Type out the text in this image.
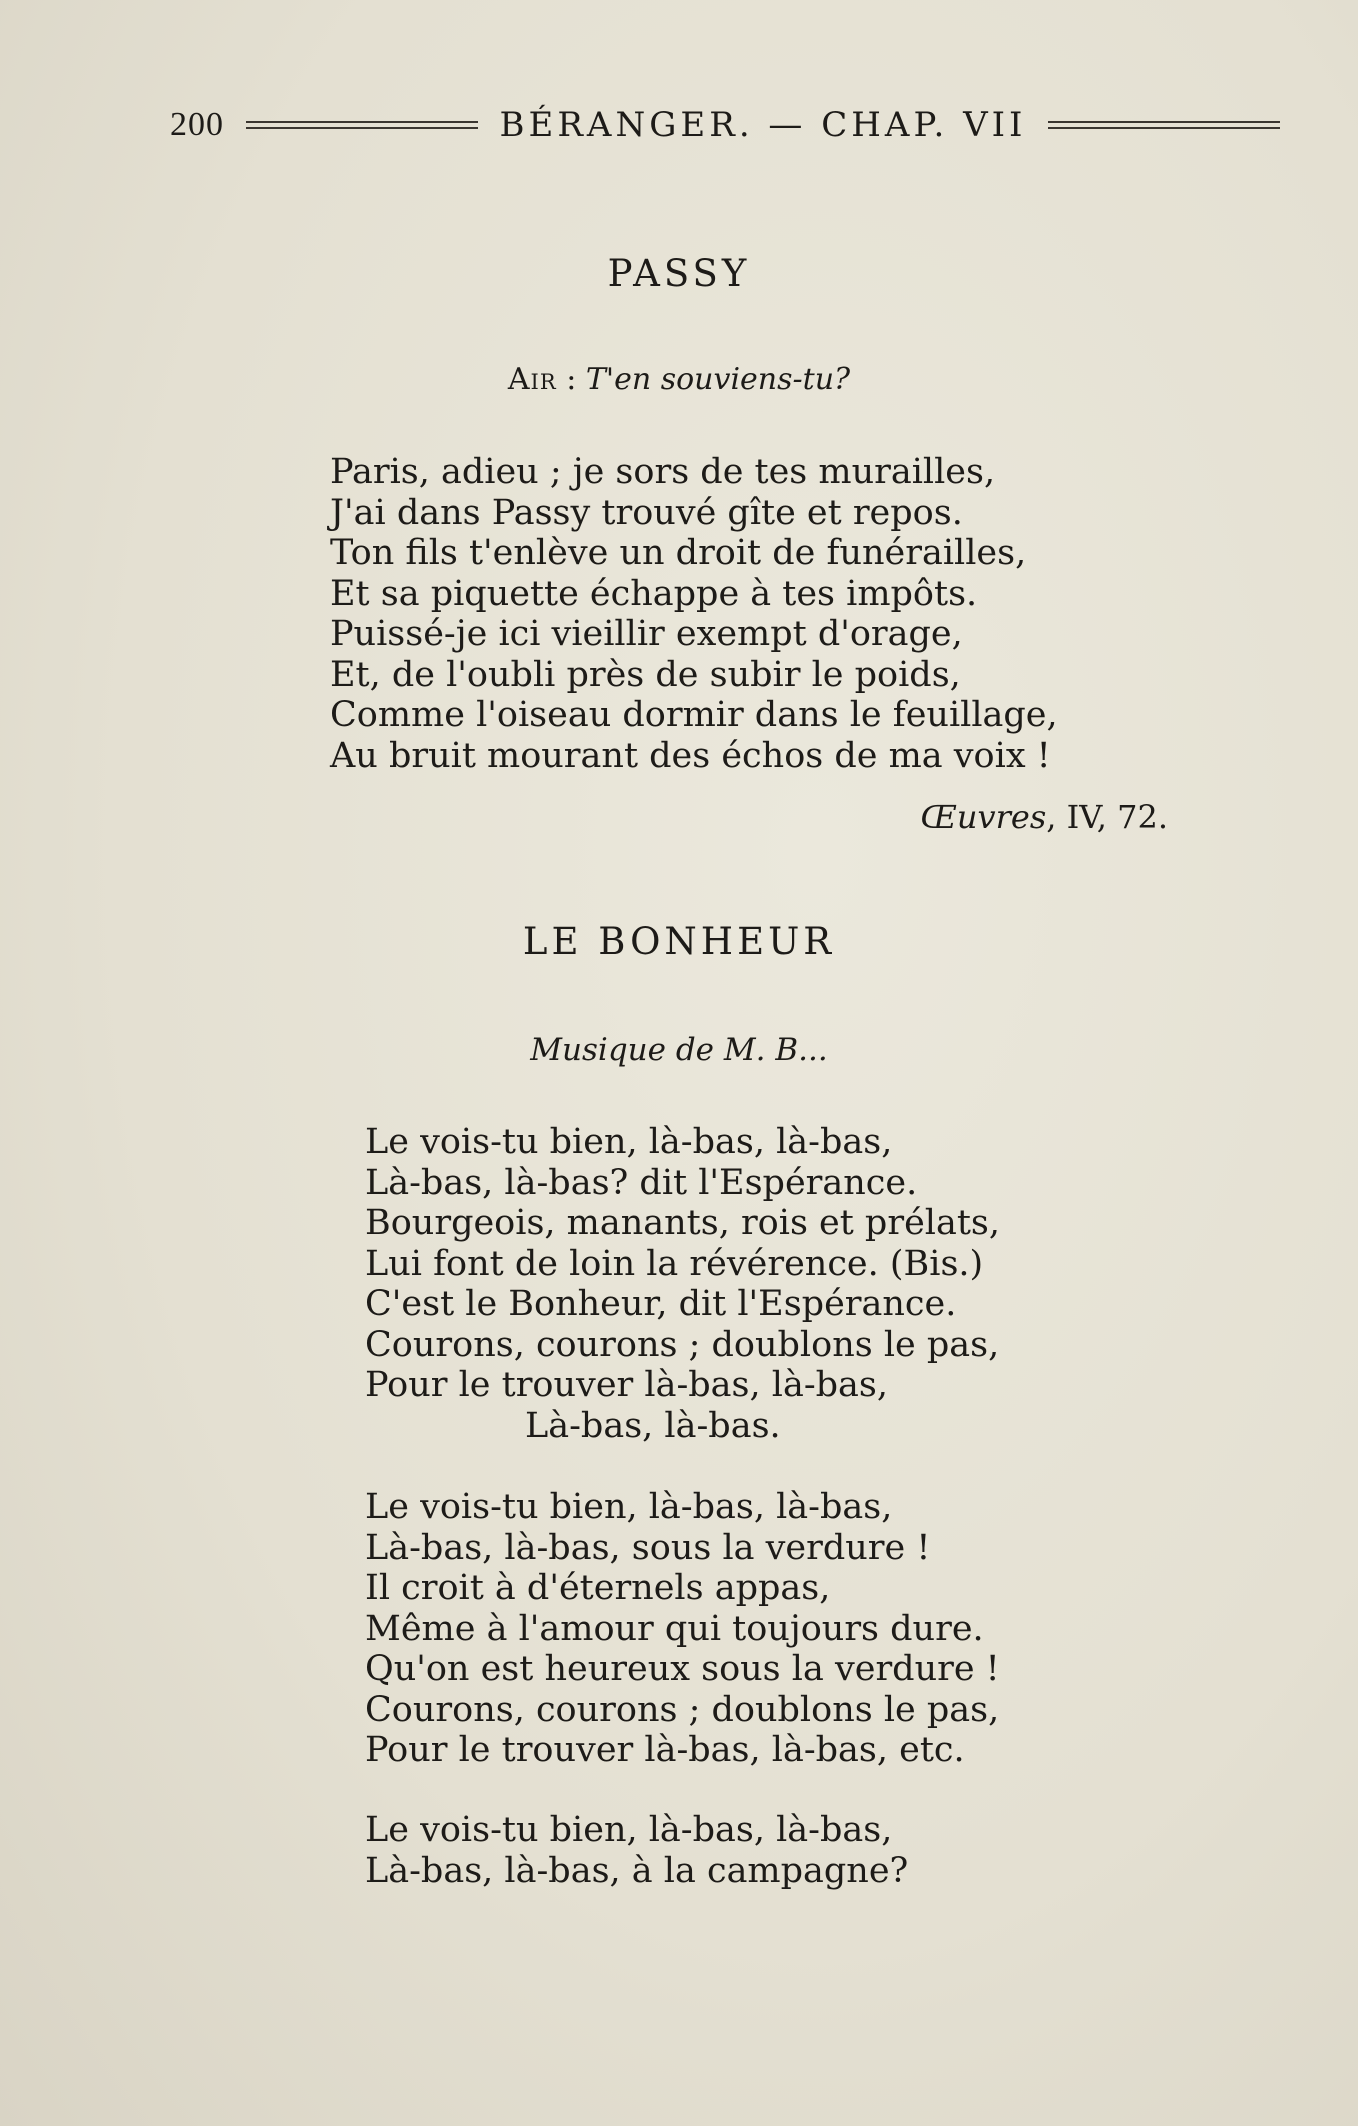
200	BÉRANGER. — CHAP. VII
PASSY
Air : T'en souviens-tu?
Paris, adieu ; je sors de tes murailles,
J'ai dans Passy trouvé gîte et repos.
Ton fils t'enlève un droit de funérailles,
Et sa piquette échappe à tes impôts.
Puissé-je ici vieillir exempt d'orage,
Et, de l'oubli près de subir le poids,
Comme l'oiseau dormir dans le feuillage,
Au bruit mourant des échos de ma voix !
Œuvres, IV, 72.
LE BONHEUR
Musique de M. B...
Le vois-tu bien, là-bas, là-bas,
Là-bas, là-bas? dit l'Espérance.
Bourgeois, manants, rois et prélats,
Lui font de loin la révérence. (Bis.)
C'est le Bonheur, dit l'Espérance.
Courons, courons ; doublons le pas,
Pour le trouver là-bas, là-bas,
Là-bas, là-bas.
Le vois-tu bien, là-bas, là-bas,
Là-bas, là-bas, sous la verdure !
Il croit à d'éternels appas,
Même à l'amour qui toujours dure.
Qu'on est heureux sous la verdure !
Courons, courons ; doublons le pas,
Pour le trouver là-bas, là-bas, etc.
Le vois-tu bien, là-bas, là-bas,
Là-bas, là-bas, à la campagne?
